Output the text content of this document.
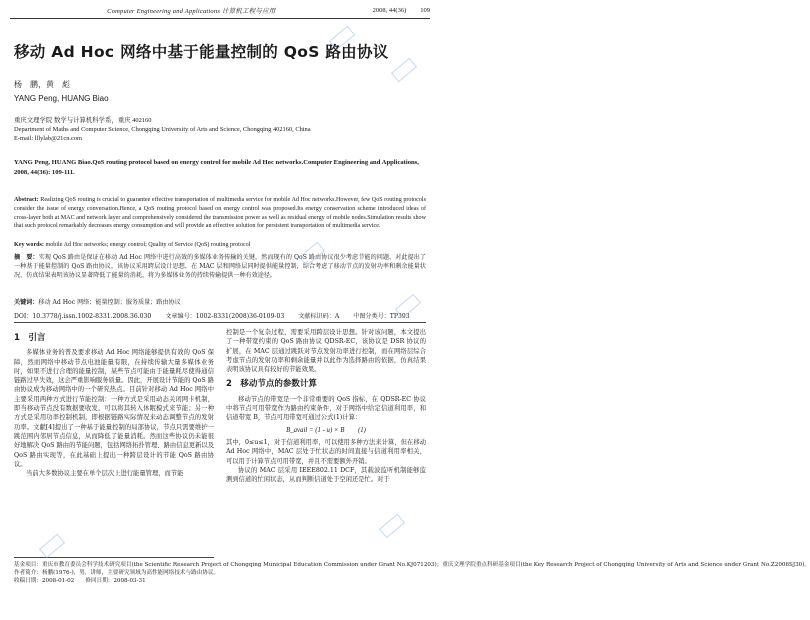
Computer Engineering and Applications 计算机工程与应用	2008, 44(36) 109
移动 Ad Hoc 网络中基于能量控制的 QoS 路由协议
杨　鹏，黄　彪
YANG Peng, HUANG Biao
重庆文理学院 数学与计算机科学系，重庆 402160
Department of Maths and Computer Science, Chongqing University of Arts and Science, Chongqing 402160, China
E-mail: lllylab@21cn.com
YANG Peng, HUANG Biao.QoS routing protocol based on energy control for mobile Ad Hoc networks.Computer Engineering and Applications, 2008, 44(36): 109-111.
Abstract: Realizing QoS routing is crucial to guarantee effective transportation of multimedia service for mobile Ad Hoc networks.However, few QoS routing protocols consider the issue of energy conversation.Hence, a QoS routing protocol based on energy control was proposed.Its energy conservation scheme introduced ideas of cross-layer both at MAC and network layer and comprehensively considered the transmission power as well as residual energy of mobile nodes.Simulation results show that such protocol remarkably decreases energy consumption and will provide an effective solution for persistent transportation of multimedia service.
Key words: mobile Ad Hoc networks; energy control; Quality of Service (QoS) routing protocol
摘　要：实现 QoS 路由是保证在移动 Ad Hoc 网络中进行高效的多媒体业务传输的关键，然而现有的 QoS 路由协议很少考虑节能的问题，对此提出了一种基于能量控制的 QoS 路由协议，该协议采用跨层设计思想，在 MAC 层和网络层同时提供能量控制，综合考虑了移动节点的发射功率和剩余能量状况，仿真结果表明该协议显著降低了能量的消耗，将为多媒体业务的持续传输提供一种有效途径。
关键词：移动 Ad Hoc 网络；能量控制；服务质量；路由协议
DOI：10.3778/j.issn.1002-8331.2008.36.030 文章编号：1002-8331(2008)36-0109-03 文献标识码：A 中图分类号：TP393
1　引言

多媒体业务的普及要求移动 Ad Hoc 网络能够提供有效的 QoS 保障，然而网络中移动节点电池能量有限，在持续传输大量多媒体业务时，如果不进行合理的能量控制，某些节点可能由于能量耗尽使得通信链路过早失效，这会严重影响服务质量。因此，开展设计节能的 QoS 路由协议成为移动网络中的一个研究热点。目前针对移动 Ad Hoc 网络中主要采用两种方式进行节能控制：一种方式是采用动态关闭网卡机制，即当移动节点没有数据要收发，可以将其转入休眠模式来节能；另一种方式是采用功率控制机制，即根据链路实际情况来动态调整节点的发射功率。文献[4]提出了一种基于能量控制的局部协议，节点只需要维护一跳范围内邻居节点信息，从而降低了能量消耗。然而这些协议仍未能很好地解决 QoS 路由的节能问题，包括网络拓扑管理、路由信息更新以及 QoS 路由实现等，在此基础上提出一种跨层设计的节能 QoS 路由协议。

当前大多数协议主要在单个层次上进行能量管理，而节能

控制是一个复杂过程，需要采用跨层设计思想。针对该问题，本文提出了一种带宽约束的 QoS 路由协议 QDSR-EC，该协议是 DSR 协议的扩展，在 MAC 层通过跳跃对节点发射功率进行控制，而在网络层综合考虑节点的发射功率和剩余能量并以此作为选择路由的依据，仿真结果表明该协议具有较好的节能效果。

2　移动节点的参数计算

移动节点的带宽是一个非常重要的 QoS 指标，在 QDSR-EC 协议中将节点可用带宽作为路由约束条件，对于网络中给定信道利用率，和信道带宽 B，节点可用带宽可通过公式(1)计算：

B_avail = (1 - u) × B　　(1)

其中，0≤u≤1，对于信道利用率，可以使用多种方法来计算，但在移动 Ad Hoc 网络中，MAC 层处于忙状态的时间直接与信道利用率相关，可以用于计算节点可用带宽，并且不需要额外开销。

协议的 MAC 层采用 IEEE802.11 DCF，其载波监听机制能够监测到信道的忙闲状态，从而判断信道处于空闲还是忙。对于

基金项目：重庆市教育委员会科学技术研究项目(the Scientific Research Project of Chongqing Municipal Education Commission under Grant No.KJ071203)；重庆文理学院重点科研基金项目(the Key Research Project of Chongqing University of Arts and Science under Grant No.Z2006SJ30)。
作者简介：杨鹏(1976-)，男，讲师，主要研究领域为高性能网络技术与路由协议。
收稿日期：2008-01-02　　修回日期：2008-03-31
